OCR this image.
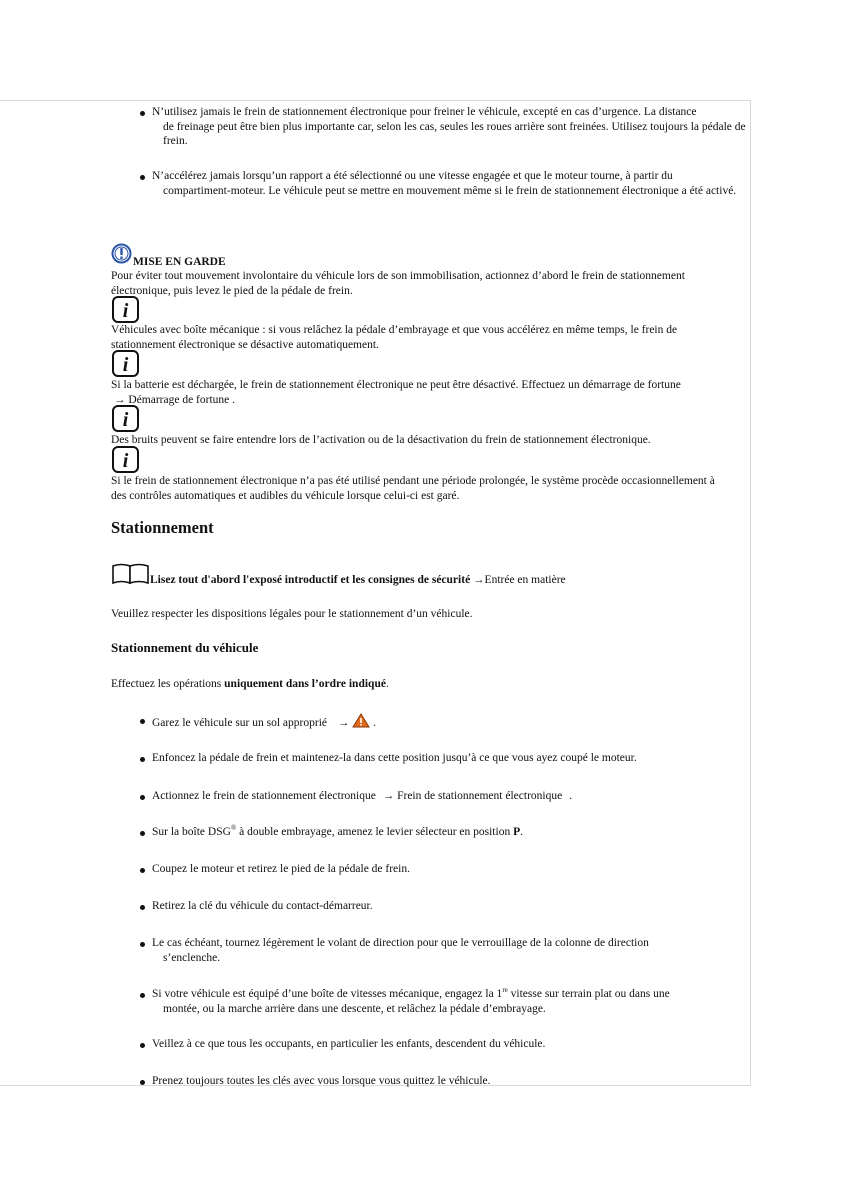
N’utilisez jamais le frein de stationnement électronique pour freiner le véhicule, excepté en cas d’urgence. La distance
de freinage peut être bien plus importante car, selon les cas, seules les roues arrière sont freinées. Utilisez toujours la pédale de frein.
N’accélérez jamais lorsqu’un rapport a été sélectionné ou une vitesse engagée et que le moteur tourne, à partir du
compartiment-moteur. Le véhicule peut se mettre en mouvement même si le frein de stationnement électronique a été activé.
MISE EN GARDE
Pour éviter tout mouvement involontaire du véhicule lors de son immobilisation, actionnez d’abord le frein de stationnement électronique, puis levez le pied de la pédale de frein.
i
Véhicules avec boîte mécanique : si vous relâchez la pédale d’embrayage et que vous accélérez en même temps, le frein de stationnement électronique se désactive automatiquement.
i
Si la batterie est déchargée, le frein de stationnement électronique ne peut être désactivé. Effectuez un démarrage de fortune
→ Démarrage de fortune .
i
Des bruits peuvent se faire entendre lors de l’activation ou de la désactivation du frein de stationnement électronique.
i
Si le frein de stationnement électronique n’a pas été utilisé pendant une période prolongée, le système procède occasionnellement à des contrôles automatiques et audibles du véhicule lorsque celui-ci est garé.
Stationnement
Lisez tout d'abord l'exposé introductif et les consignes de sécurité →Entrée en matière
Veuillez respecter les dispositions légales pour le stationnement d’un véhicule.
Stationnement du véhicule
Effectuez les opérations uniquement dans l’ordre indiqué.
Garez le véhicule sur un sol approprié → .
Enfoncez la pédale de frein et maintenez-la dans cette position jusqu’à ce que vous ayez coupé le moteur.
Actionnez le frein de stationnement électronique → Frein de stationnement électronique .
Sur la boîte DSG® à double embrayage, amenez le levier sélecteur en position P.
Coupez le moteur et retirez le pied de la pédale de frein.
Retirez la clé du véhicule du contact-démarreur.
Le cas échéant, tournez légèrement le volant de direction pour que le verrouillage de la colonne de direction
s’enclenche.
Si votre véhicule est équipé d’une boîte de vitesses mécanique, engagez la 1re vitesse sur terrain plat ou dans une
montée, ou la marche arrière dans une descente, et relâchez la pédale d’embrayage.
Veillez à ce que tous les occupants, en particulier les enfants, descendent du véhicule.
Prenez toujours toutes les clés avec vous lorsque vous quittez le véhicule.
